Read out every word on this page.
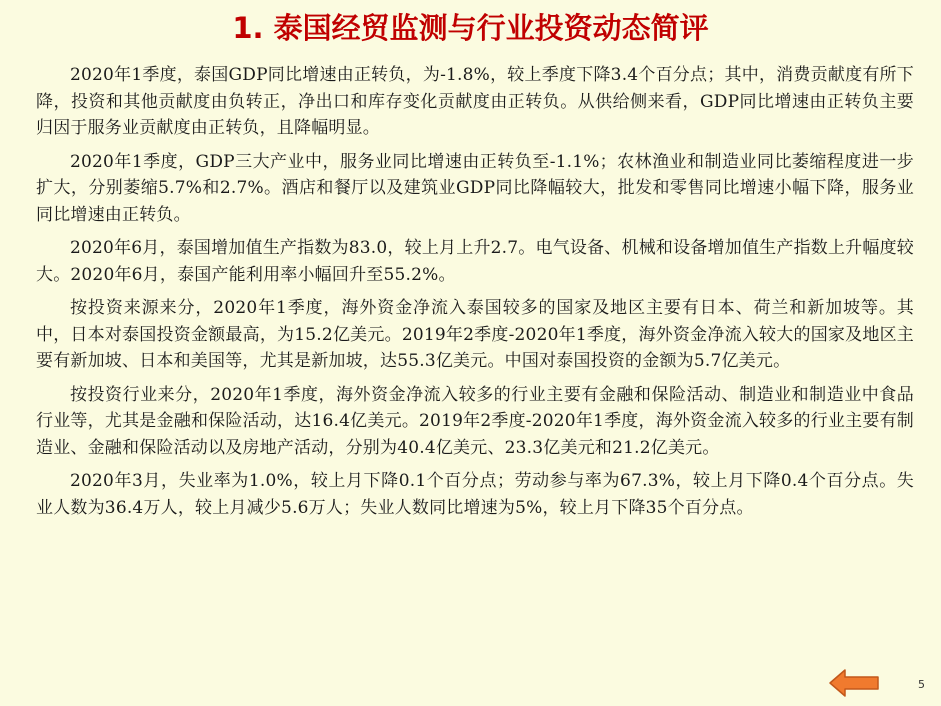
1. 泰国经贸监测与行业投资动态简评

2020年1季度，泰国GDP同比增速由正转负，为-1.8%，较上季度下降3.4个百分点；其中，消费贡献度有所下降，投资和其他贡献度由负转正，净出口和库存变化贡献度由正转负。从供给侧来看，GDP同比增速由正转负主要归因于服务业贡献度由正转负，且降幅明显。

2020年1季度，GDP三大产业中，服务业同比增速由正转负至-1.1%；农林渔业和制造业同比萎缩程度进一步扩大，分别萎缩5.7%和2.7%。酒店和餐厅以及建筑业GDP同比降幅较大，批发和零售同比增速小幅下降，服务业同比增速由正转负。

2020年6月，泰国增加值生产指数为83.0，较上月上升2.7。电气设备、机械和设备增加值生产指数上升幅度较大。2020年6月，泰国产能利用率小幅回升至55.2%。

按投资来源来分，2020年1季度，海外资金净流入泰国较多的国家及地区主要有日本、荷兰和新加坡等。其中，日本对泰国投资金额最高，为15.2亿美元。2019年2季度-2020年1季度，海外资金净流入较大的国家及地区主要有新加坡、日本和美国等，尤其是新加坡，达55.3亿美元。中国对泰国投资的金额为5.7亿美元。

按投资行业来分，2020年1季度，海外资金净流入较多的行业主要有金融和保险活动、制造业和制造业中食品行业等，尤其是金融和保险活动，达16.4亿美元。2019年2季度-2020年1季度，海外资金流入较多的行业主要有制造业、金融和保险活动以及房地产活动，分别为40.4亿美元、23.3亿美元和21.2亿美元。

2020年3月，失业率为1.0%，较上月下降0.1个百分点；劳动参与率为67.3%，较上月下降0.4个百分点。失业人数为36.4万人，较上月减少5.6万人；失业人数同比增速为5%，较上月下降35个百分点。

5
